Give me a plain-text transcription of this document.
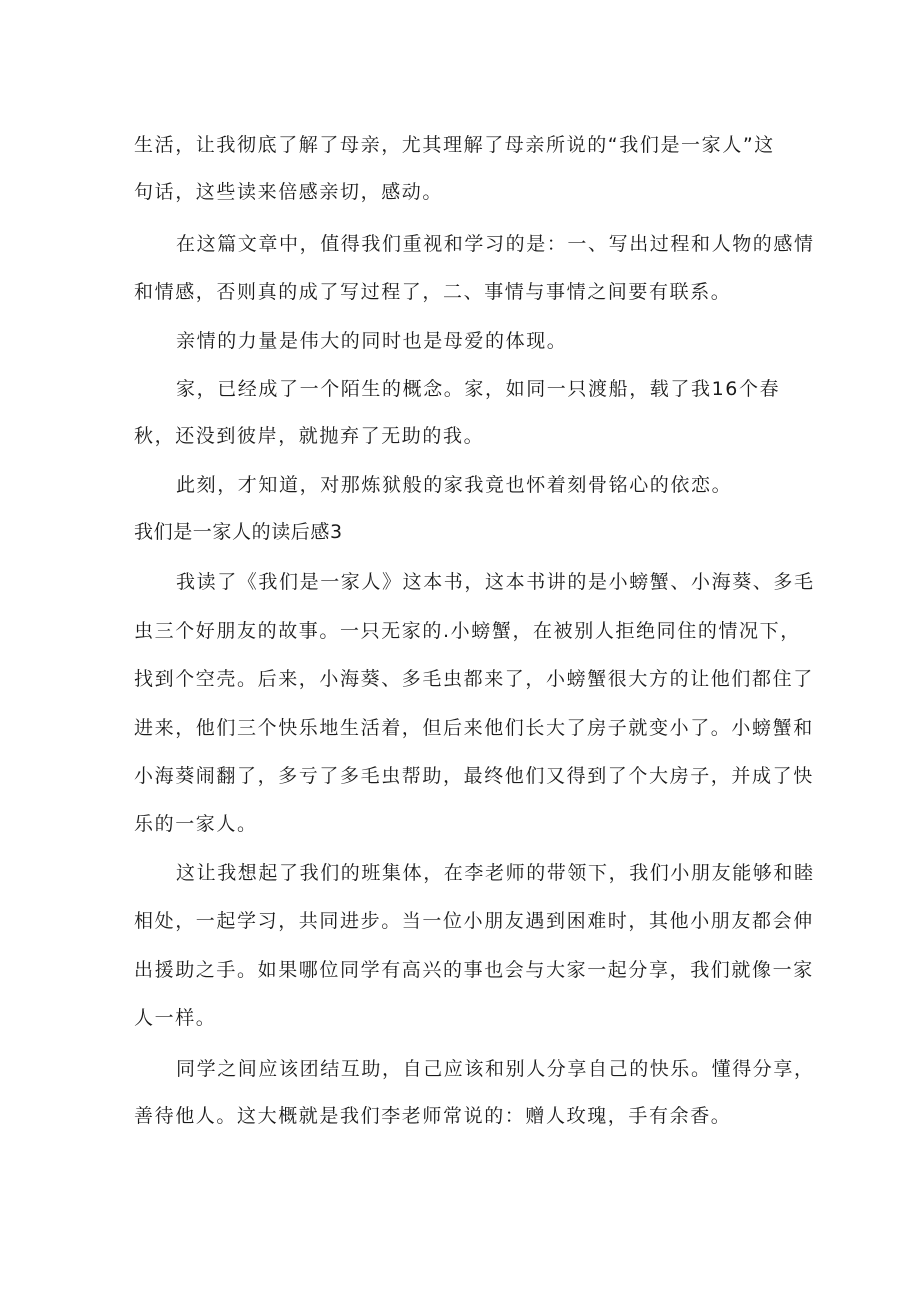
生活，让我彻底了解了母亲，尤其理解了母亲所说的“我们是一家人”这

句话，这些读来倍感亲切，感动。

在这篇文章中，值得我们重视和学习的是：一、写出过程和人物的感情

和情感，否则真的成了写过程了，二、事情与事情之间要有联系。

亲情的力量是伟大的同时也是母爱的体现。

家，已经成了一个陌生的概念。家，如同一只渡船，载了我16个春

秋，还没到彼岸，就抛弃了无助的我。

此刻，才知道，对那炼狱般的家我竟也怀着刻骨铭心的依恋。

我们是一家人的读后感3

我读了《我们是一家人》这本书，这本书讲的是小螃蟹、小海葵、多毛

虫三个好朋友的故事。一只无家的.小螃蟹，在被别人拒绝同住的情况下，

找到个空壳。后来，小海葵、多毛虫都来了，小螃蟹很大方的让他们都住了

进来，他们三个快乐地生活着，但后来他们长大了房子就变小了。小螃蟹和

小海葵闹翻了，多亏了多毛虫帮助，最终他们又得到了个大房子，并成了快

乐的一家人。

这让我想起了我们的班集体，在李老师的带领下，我们小朋友能够和睦

相处，一起学习，共同进步。当一位小朋友遇到困难时，其他小朋友都会伸

出援助之手。如果哪位同学有高兴的事也会与大家一起分享，我们就像一家

人一样。

同学之间应该团结互助，自己应该和别人分享自己的快乐。懂得分享，

善待他人。这大概就是我们李老师常说的：赠人玫瑰，手有余香。
